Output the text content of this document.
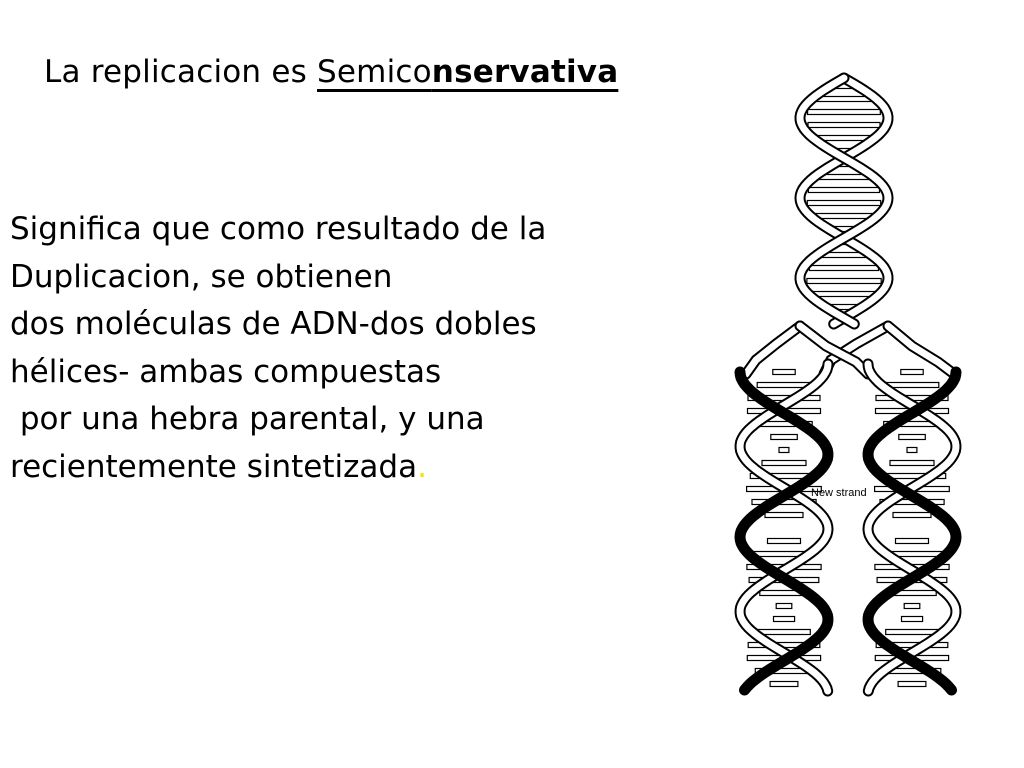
La replicacion es Semiconservativa
Significa que como resultado de la
Duplicacion, se obtienen
dos moléculas de ADN-dos dobles
hélices- ambas compuestas
por una hebra parental, y una
recientemente sintetizada.
New strand
